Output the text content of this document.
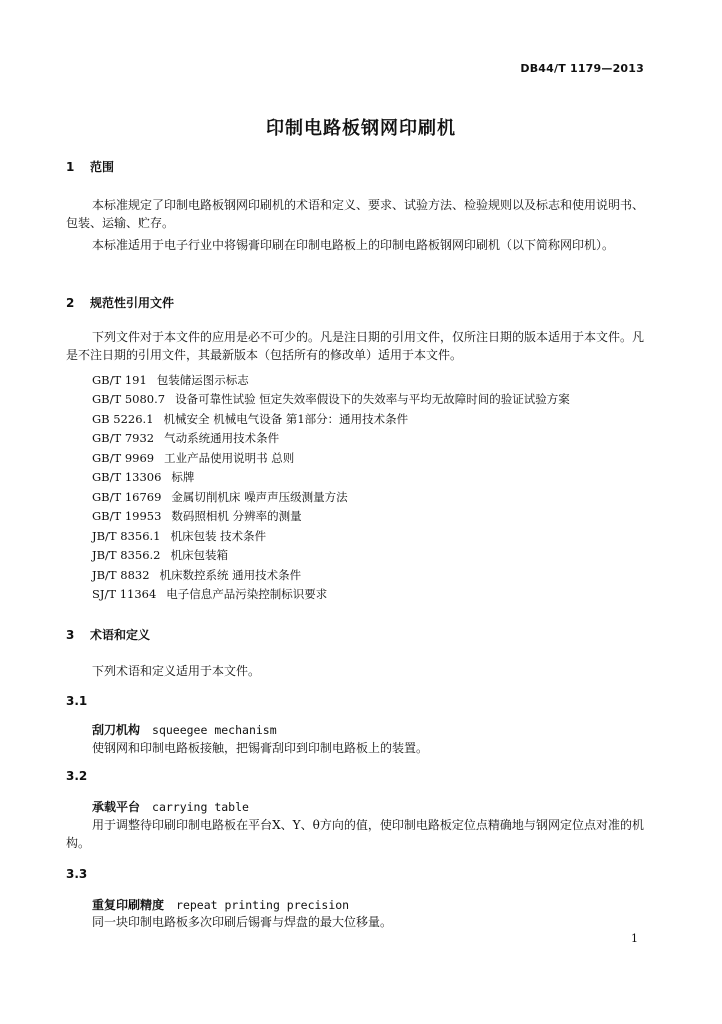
DB44/T 1179—2013
印制电路板钢网印刷机
1 范围
本标准规定了印制电路板钢网印刷机的术语和定义、要求、试验方法、检验规则以及标志和使用说明书、包装、运输、贮存。
本标准适用于电子行业中将锡膏印刷在印制电路板上的印制电路板钢网印刷机（以下简称网印机）。
2 规范性引用文件
下列文件对于本文件的应用是必不可少的。凡是注日期的引用文件，仅所注日期的版本适用于本文件。凡是不注日期的引用文件，其最新版本（包括所有的修改单）适用于本文件。
GB/T 191 包装储运图示标志
GB/T 5080.7 设备可靠性试验 恒定失效率假设下的失效率与平均无故障时间的验证试验方案
GB 5226.1 机械安全 机械电气设备 第1部分：通用技术条件
GB/T 7932 气动系统通用技术条件
GB/T 9969 工业产品使用说明书 总则
GB/T 13306 标牌
GB/T 16769 金属切削机床 噪声声压级测量方法
GB/T 19953 数码照相机 分辨率的测量
JB/T 8356.1 机床包装 技术条件
JB/T 8356.2 机床包装箱
JB/T 8832 机床数控系统 通用技术条件
SJ/T 11364 电子信息产品污染控制标识要求
3 术语和定义
下列术语和定义适用于本文件。
3.1
刮刀机构 squeegee mechanism
使钢网和印制电路板接触，把锡膏刮印到印制电路板上的装置。
3.2
承载平台 carrying table
用于调整待印刷印制电路板在平台X、Y、θ方向的值，使印制电路板定位点精确地与钢网定位点对准的机构。
3.3
重复印刷精度 repeat printing precision
同一块印制电路板多次印刷后锡膏与焊盘的最大位移量。
1
